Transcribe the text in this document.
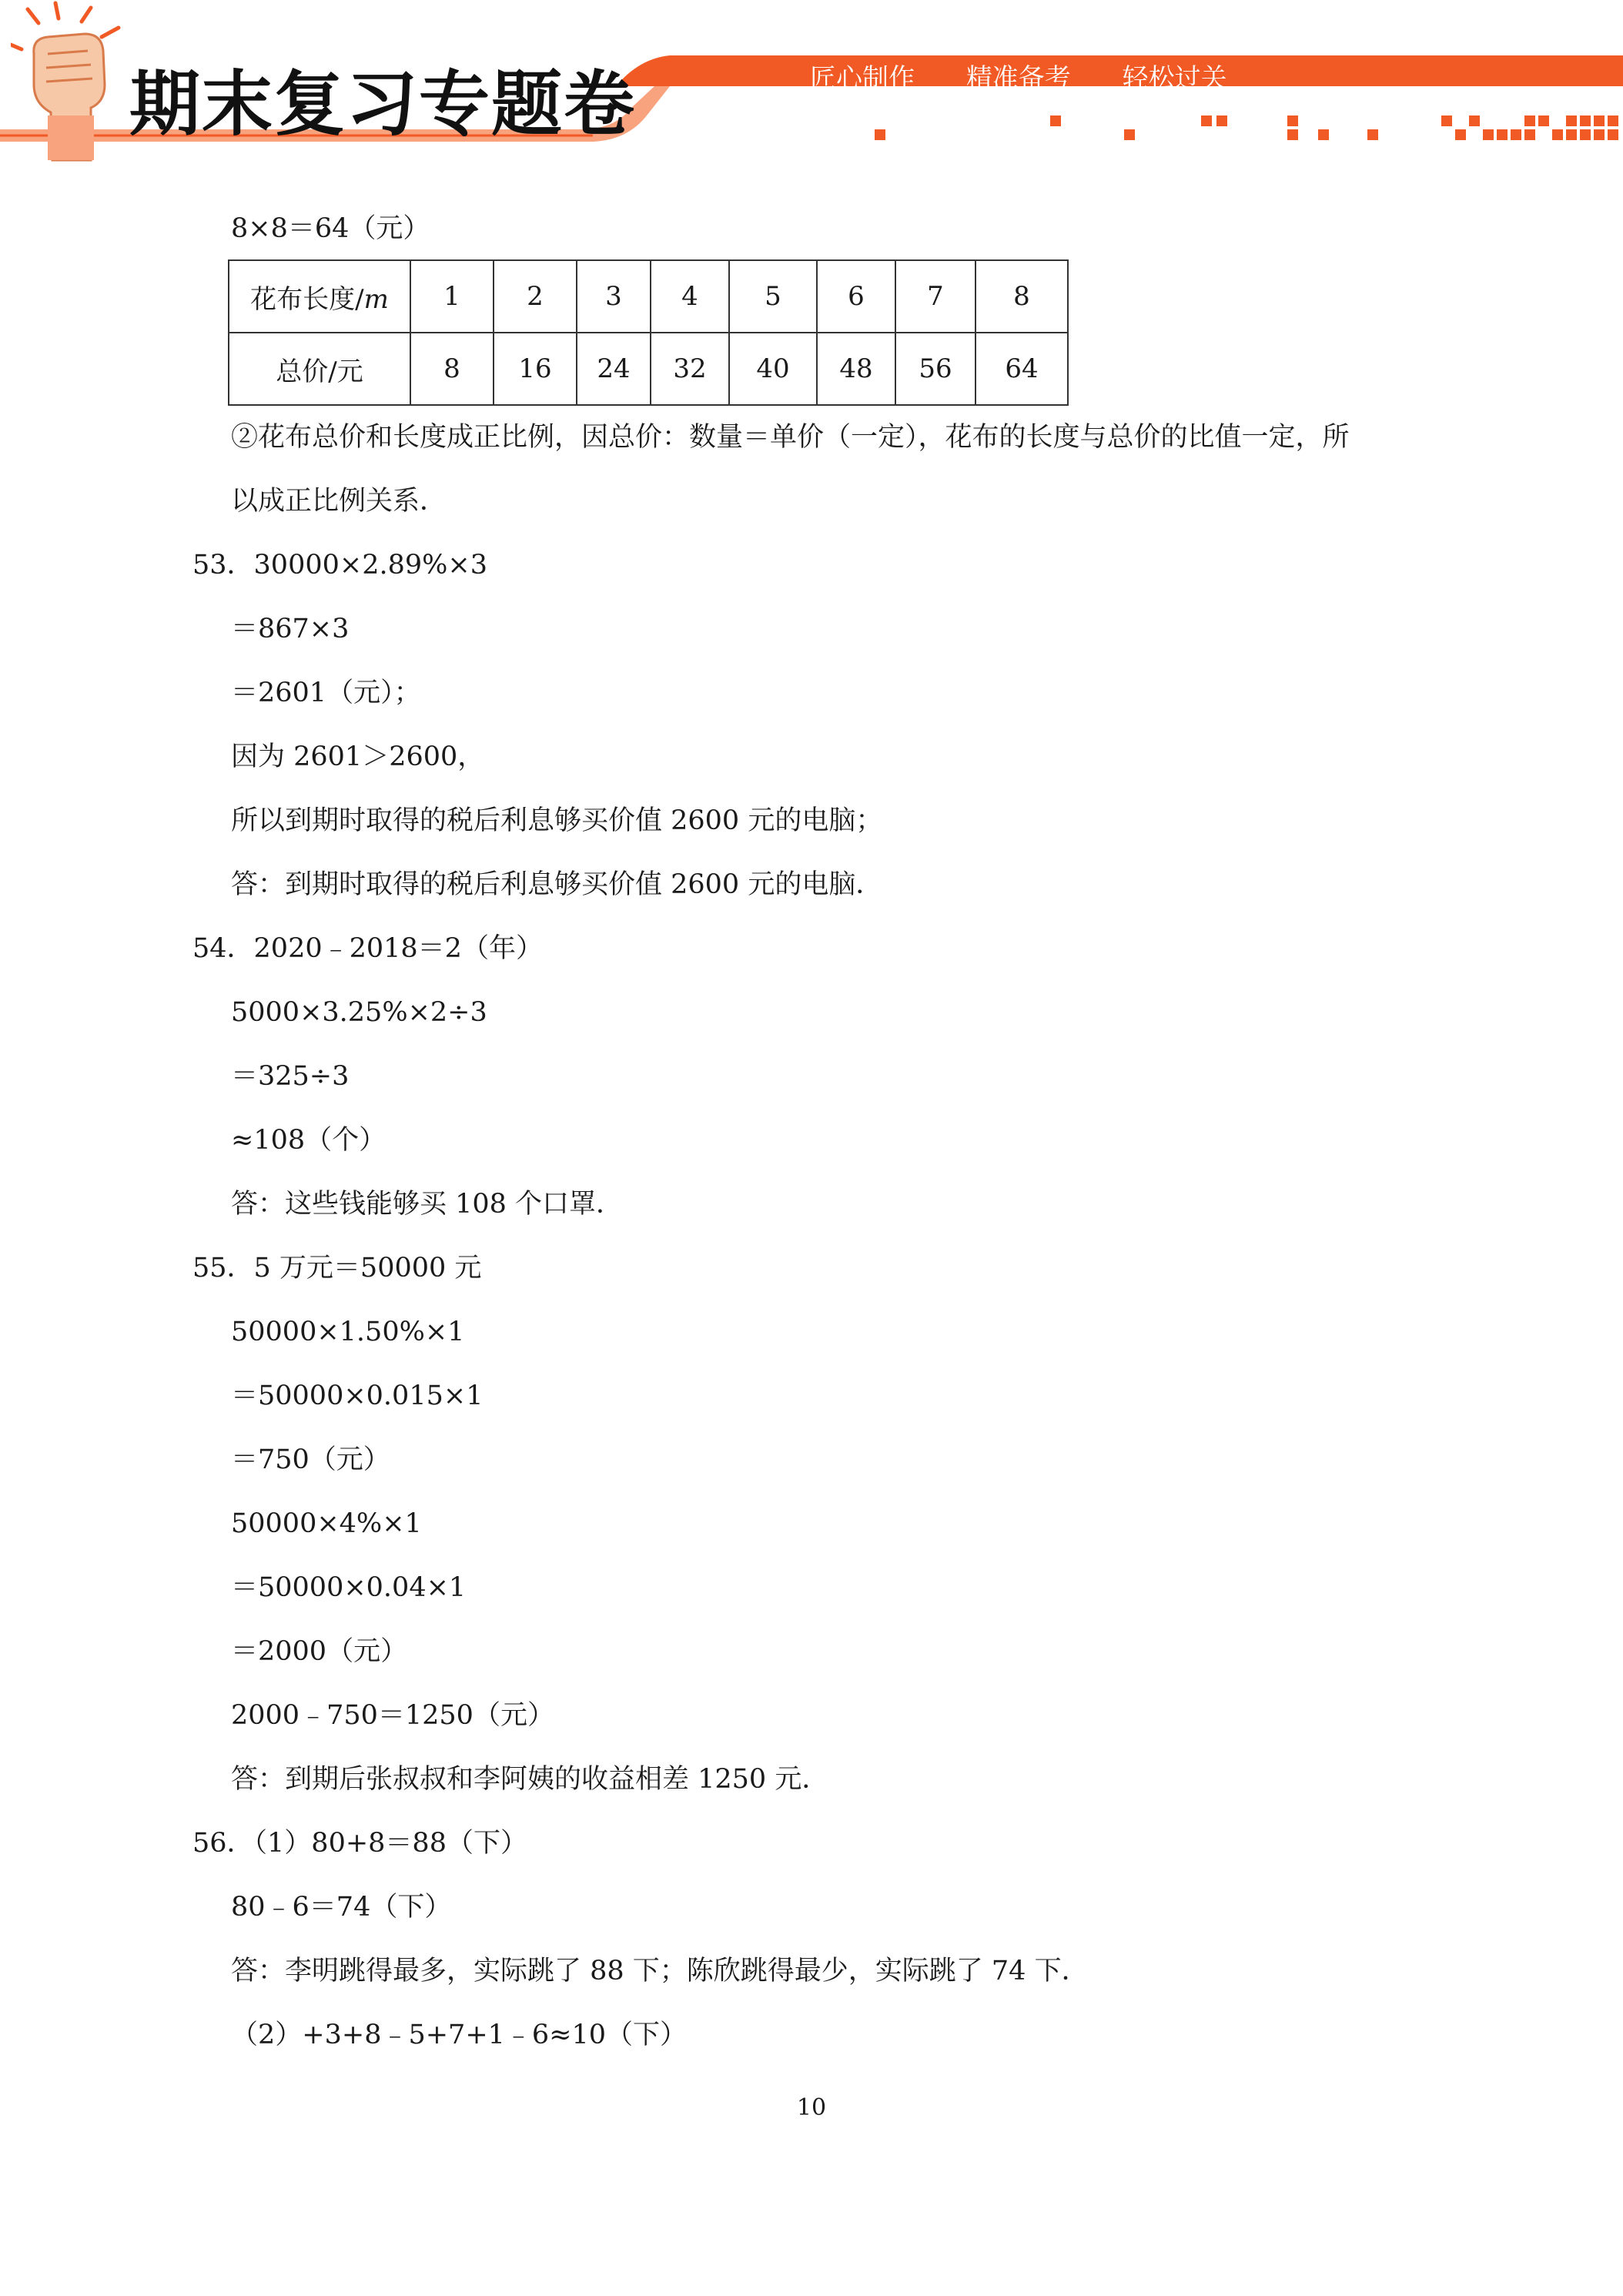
期末复习专题卷	匠心制作 精准备考 轻松过关
8×8＝64（元）
花布长度/m	1	2	3	4	5	6	7	8
总价/元	8	16	24	32	40	48	56	64
②花布总价和长度成正比例，因总价：数量＝单价（一定），花布的长度与总价的比值一定，所
以成正比例关系．
53．30000×2.89%×3
＝867×3
＝2601（元）；
因为 2601＞2600，
所以到期时取得的税后利息够买价值 2600 元的电脑；
答：到期时取得的税后利息够买价值 2600 元的电脑．
54．2020﹣2018＝2（年）
5000×3.25%×2÷3
＝325÷3
≈108（个）
答：这些钱能够买 108 个口罩．
55．5 万元＝50000 元
50000×1.50%×1
＝50000×0.015×1
＝750（元）
50000×4%×1
＝50000×0.04×1
＝2000（元）
2000﹣750＝1250（元）
答：到期后张叔叔和李阿姨的收益相差 1250 元．
56．（1）80+8＝88（下）
80﹣6＝74（下）
答：李明跳得最多，实际跳了 88 下；陈欣跳得最少，实际跳了 74 下．
（2）+3+8﹣5+7+1﹣6≈10（下）
10
